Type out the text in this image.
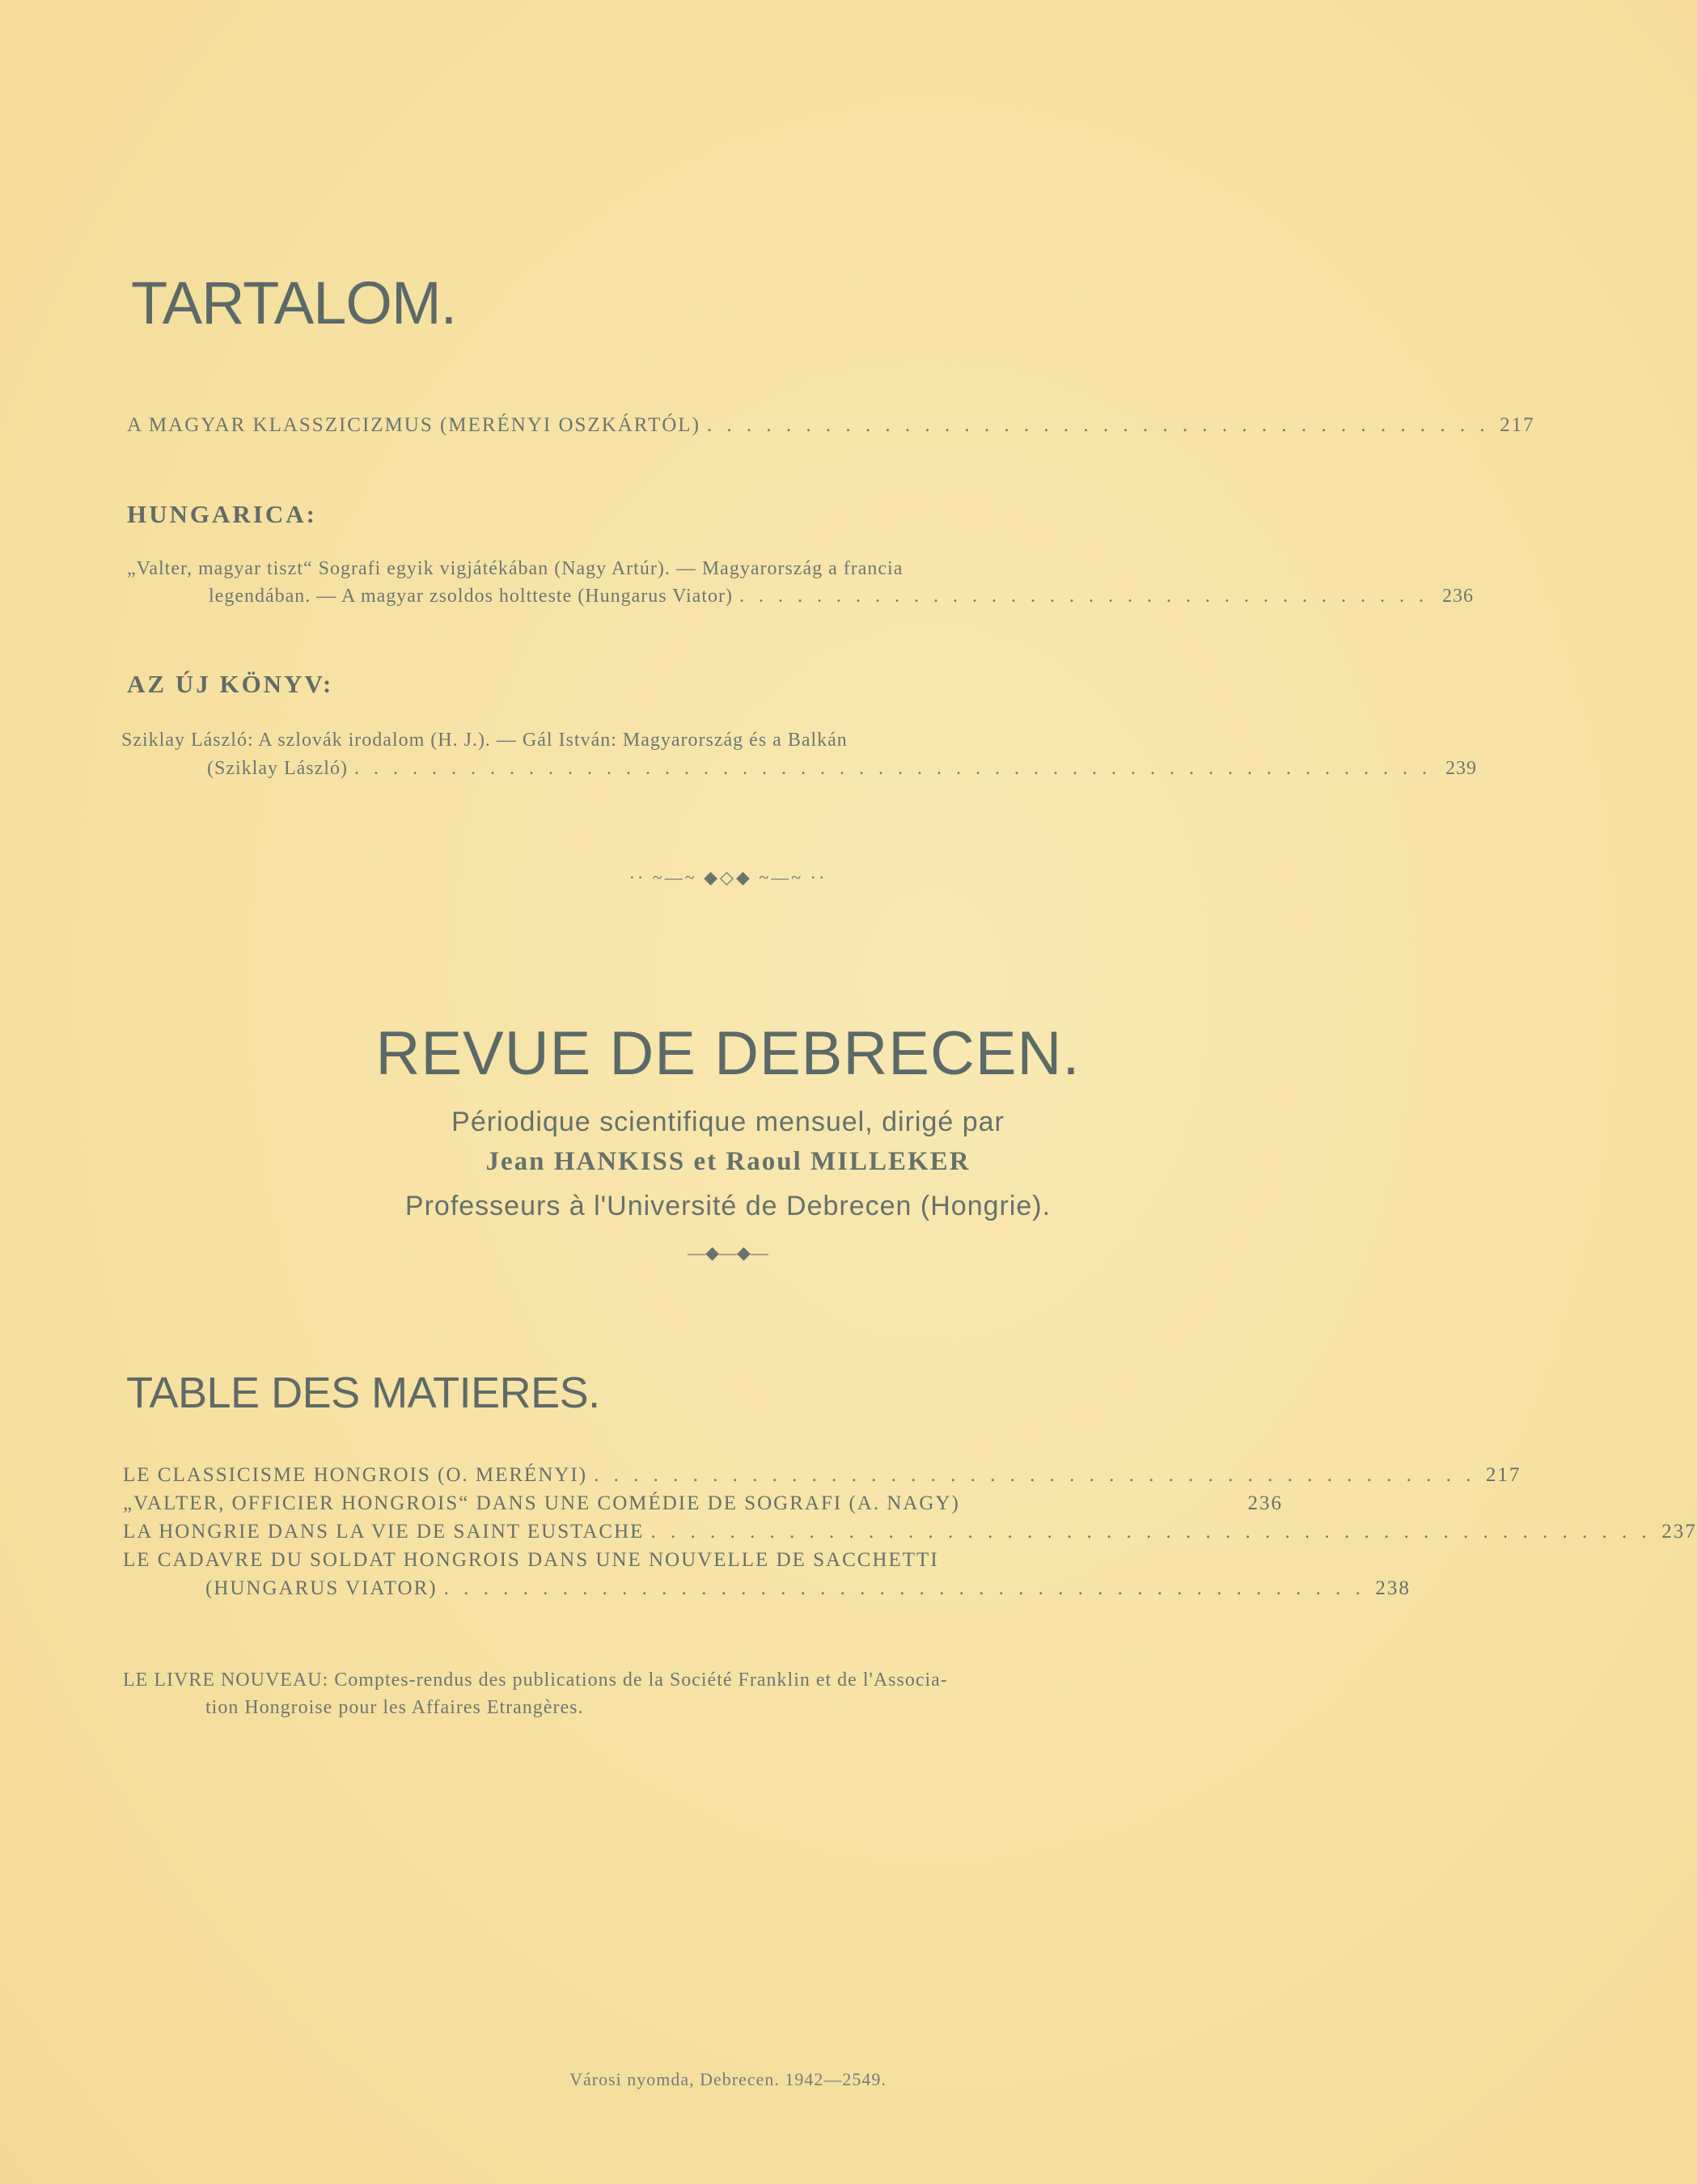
TARTALOM.
A MAGYAR KLASSZICIZMUS (MERÉNYI OSZKÁRTÓL) . . . . . . . . . . . . . . . . . . . . . . . . . . . . . . . . . . . . . . . . 217
HUNGARICA:
„Valter, magyar tiszt“ Sografi egyik vigjátékában (Nagy Artúr). — Magyarország a francia
legendában. — A magyar zsoldos holtteste (Hungarus Viator) . . . . . . . . . . . . . . . . . . . . . . . . . . . . . . . . . . . . 236
AZ ÚJ KÖNYV:
Sziklay László: A szlovák irodalom (H. J.). — Gál István: Magyarország és a Balkán
(Sziklay László) . . . . . . . . . . . . . . . . . . . . . . . . . . . . . . . . . . . . . . . . . . . . . . . . . . . . . . . . 239
·· ~—~ ◆◇◆ ~—~ ··
REVUE DE DEBRECEN.
Périodique scientifique mensuel, dirigé par
Jean HANKISS et Raoul MILLEKER
Professeurs à l'Université de Debrecen (Hongrie).
—◆—◆—
TABLE DES MATIERES.
LE CLASSICISME HONGROIS (O. MERÉNYI) . . . . . . . . . . . . . . . . . . . . . . . . . . . . . . . . . . . . . . . . . . . . . 217
„VALTER, OFFICIER HONGROIS“ DANS UNE COMÉDIE DE SOGRAFI (A. NAGY)	236
LA HONGRIE DANS LA VIE DE SAINT EUSTACHE . . . . . . . . . . . . . . . . . . . . . . . . . . . . . . . . . . . . . . . . . . . . . . . . . . . 237
LE CADAVRE DU SOLDAT HONGROIS DANS UNE NOUVELLE DE SACCHETTI
(HUNGARUS VIATOR) . . . . . . . . . . . . . . . . . . . . . . . . . . . . . . . . . . . . . . . . . . . . . . . 238
LE LIVRE NOUVEAU: Comptes-rendus des publications de la Société Franklin et de l'Associa-
tion Hongroise pour les Affaires Etrangères.
Városi nyomda, Debrecen. 1942—2549.
